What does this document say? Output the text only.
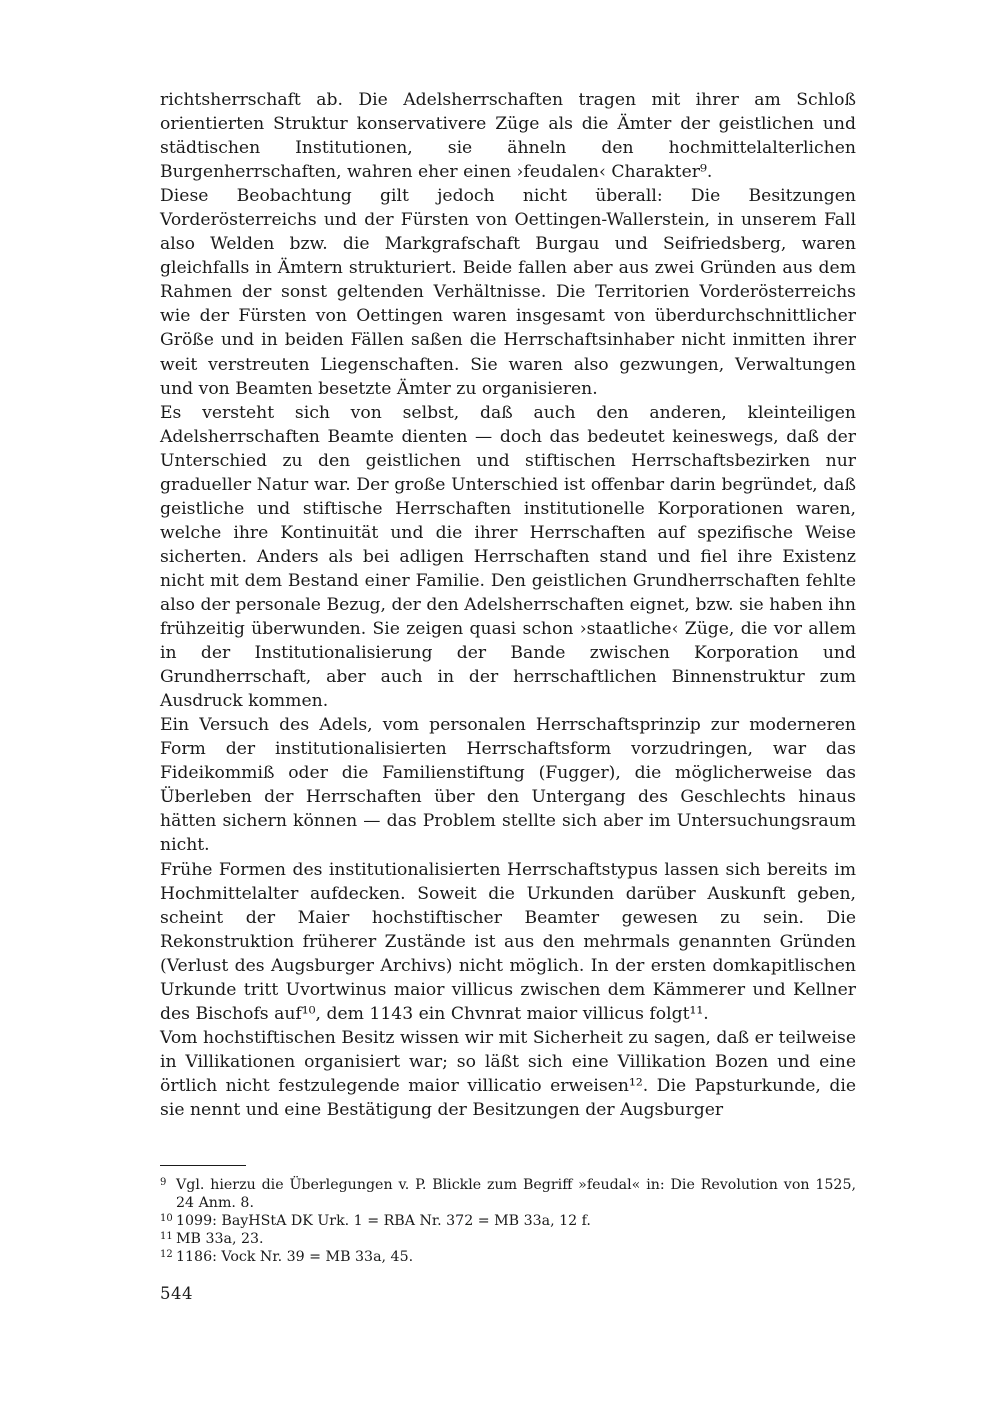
richtsherrschaft ab. Die Adelsherrschaften tragen mit ihrer am Schloß orientierten Struktur konservativere Züge als die Ämter der geistlichen und städtischen Institutionen, sie ähneln den hochmittelalterlichen Burgenherrschaften, wahren eher einen ›feudalen‹ Charakter⁹.

Diese Beobachtung gilt jedoch nicht überall: Die Besitzungen Vorderösterreichs und der Fürsten von Oettingen-Wallerstein, in unserem Fall also Welden bzw. die Markgrafschaft Burgau und Seifriedsberg, waren gleichfalls in Ämtern strukturiert. Beide fallen aber aus zwei Gründen aus dem Rahmen der sonst geltenden Verhältnisse. Die Territorien Vorderösterreichs wie der Fürsten von Oettingen waren insgesamt von überdurchschnittlicher Größe und in beiden Fällen saßen die Herrschaftsinhaber nicht inmitten ihrer weit verstreuten Liegenschaften. Sie waren also gezwungen, Verwaltungen und von Beamten besetzte Ämter zu organisieren.

Es versteht sich von selbst, daß auch den anderen, kleinteiligen Adelsherrschaften Beamte dienten — doch das bedeutet keineswegs, daß der Unterschied zu den geistlichen und stiftischen Herrschaftsbezirken nur gradueller Natur war. Der große Unterschied ist offenbar darin begründet, daß geistliche und stiftische Herrschaften institutionelle Korporationen waren, welche ihre Kontinuität und die ihrer Herrschaften auf spezifische Weise sicherten. Anders als bei adligen Herrschaften stand und fiel ihre Existenz nicht mit dem Bestand einer Familie. Den geistlichen Grundherrschaften fehlte also der personale Bezug, der den Adelsherrschaften eignet, bzw. sie haben ihn frühzeitig überwunden. Sie zeigen quasi schon ›staatliche‹ Züge, die vor allem in der Institutionalisierung der Bande zwischen Korporation und Grundherrschaft, aber auch in der herrschaftlichen Binnenstruktur zum Ausdruck kommen.

Ein Versuch des Adels, vom personalen Herrschaftsprinzip zur moderneren Form der institutionalisierten Herrschaftsform vorzudringen, war das Fideikommiß oder die Familienstiftung (Fugger), die möglicherweise das Überleben der Herrschaften über den Untergang des Geschlechts hinaus hätten sichern können — das Problem stellte sich aber im Untersuchungsraum nicht.

Frühe Formen des institutionalisierten Herrschaftstypus lassen sich bereits im Hochmittelalter aufdecken. Soweit die Urkunden darüber Auskunft geben, scheint der Maier hochstiftischer Beamter gewesen zu sein. Die Rekonstruktion früherer Zustände ist aus den mehrmals genannten Gründen (Verlust des Augsburger Archivs) nicht möglich. In der ersten domkapitlischen Urkunde tritt Uvortwinus maior villicus zwischen dem Kämmerer und Kellner des Bischofs auf¹⁰, dem 1143 ein Chvnrat maior villicus folgt¹¹.

Vom hochstiftischen Besitz wissen wir mit Sicherheit zu sagen, daß er teilweise in Villikationen organisiert war; so läßt sich eine Villikation Bozen und eine örtlich nicht festzulegende maior villicatio erweisen¹². Die Papsturkunde, die sie nennt und eine Bestätigung der Besitzungen der Augsburger

9 Vgl. hierzu die Überlegungen v. P. Blickle zum Begriff »feudal« in: Die Revolution von 1525, 24 Anm. 8.
10 1099: BayHStA DK Urk. 1 = RBA Nr. 372 = MB 33a, 12 f.
11 MB 33a, 23.
12 1186: Vock Nr. 39 = MB 33a, 45.
544
